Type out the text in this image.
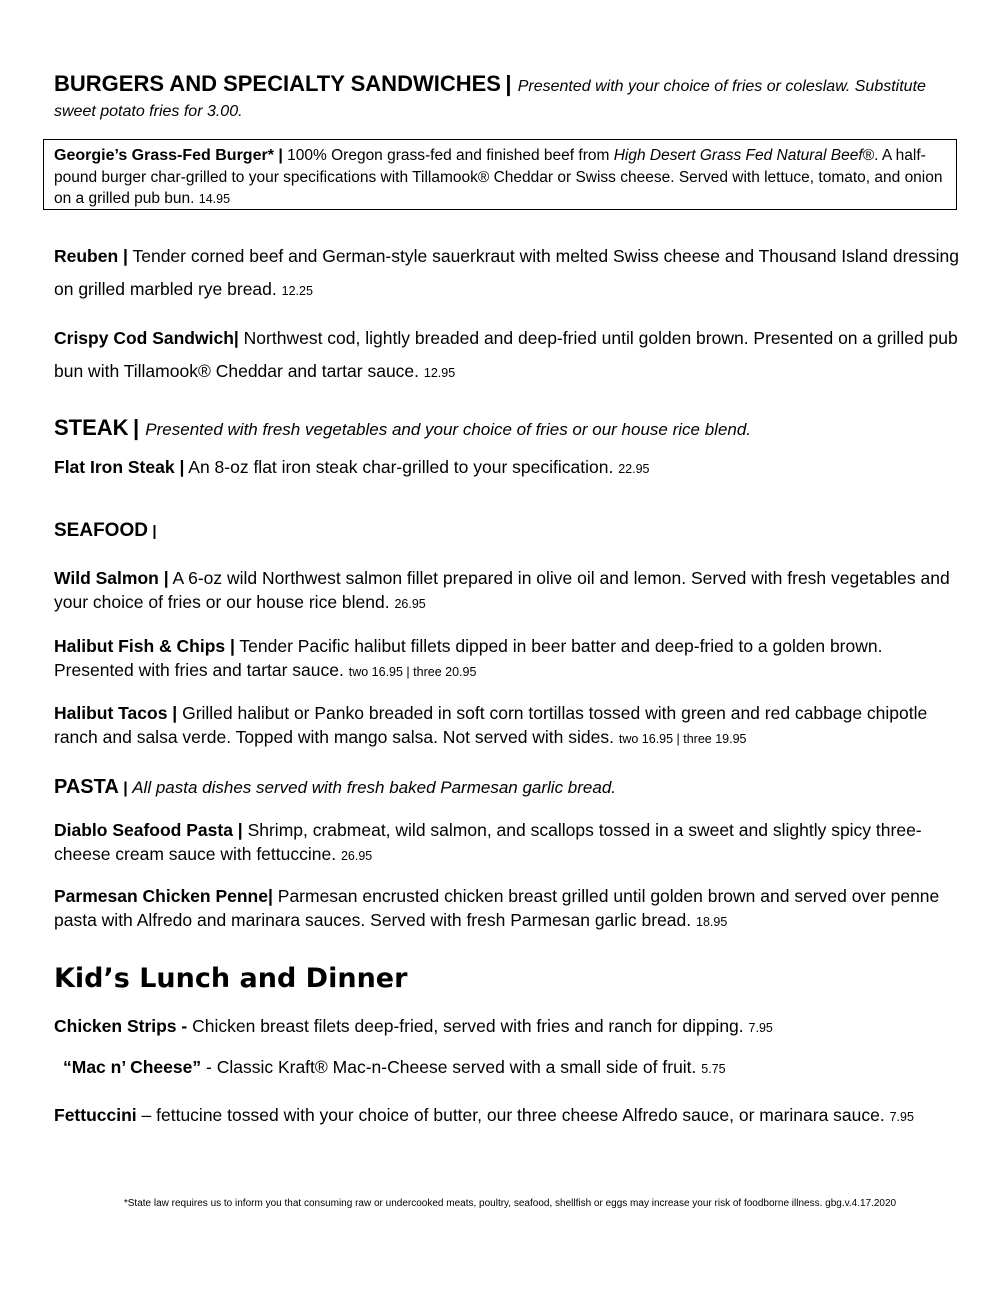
BURGERS AND SPECIALTY SANDWICHES | Presented with your choice of fries or coleslaw. Substitute sweet potato fries for 3.00.
Georgie’s Grass-Fed Burger* | 100% Oregon grass-fed and finished beef from High Desert Grass Fed Natural Beef®. A half-pound burger char-grilled to your specifications with Tillamook® Cheddar or Swiss cheese. Served with lettuce, tomato, and onion on a grilled pub bun. 14.95
Reuben | Tender corned beef and German-style sauerkraut with melted Swiss cheese and Thousand Island dressing on grilled marbled rye bread. 12.25
Crispy Cod Sandwich| Northwest cod, lightly breaded and deep-fried until golden brown. Presented on a grilled pub bun with Tillamook® Cheddar and tartar sauce. 12.95
STEAK | Presented with fresh vegetables and your choice of fries or our house rice blend.
Flat Iron Steak | An 8-oz flat iron steak char-grilled to your specification. 22.95
SEAFOOD |
Wild Salmon | A 6-oz wild Northwest salmon fillet prepared in olive oil and lemon. Served with fresh vegetables and your choice of fries or our house rice blend. 26.95
Halibut Fish & Chips | Tender Pacific halibut fillets dipped in beer batter and deep-fried to a golden brown. Presented with fries and tartar sauce. two 16.95 | three 20.95
Halibut Tacos | Grilled halibut or Panko breaded in soft corn tortillas tossed with green and red cabbage chipotle ranch and salsa verde. Topped with mango salsa. Not served with sides. two 16.95 | three 19.95
PASTA | All pasta dishes served with fresh baked Parmesan garlic bread.
Diablo Seafood Pasta | Shrimp, crabmeat, wild salmon, and scallops tossed in a sweet and slightly spicy three-cheese cream sauce with fettuccine. 26.95
Parmesan Chicken Penne| Parmesan encrusted chicken breast grilled until golden brown and served over penne pasta with Alfredo and marinara sauces. Served with fresh Parmesan garlic bread. 18.95
Kid’s Lunch and Dinner
Chicken Strips - Chicken breast filets deep-fried, served with fries and ranch for dipping. 7.95
“Mac n’ Cheese” - Classic Kraft® Mac-n-Cheese served with a small side of fruit. 5.75
Fettuccini – fettucine tossed with your choice of butter, our three cheese Alfredo sauce, or marinara sauce. 7.95
*State law requires us to inform you that consuming raw or undercooked meats, poultry, seafood, shellfish or eggs may increase your risk of foodborne illness. gbg.v.4.17.2020
